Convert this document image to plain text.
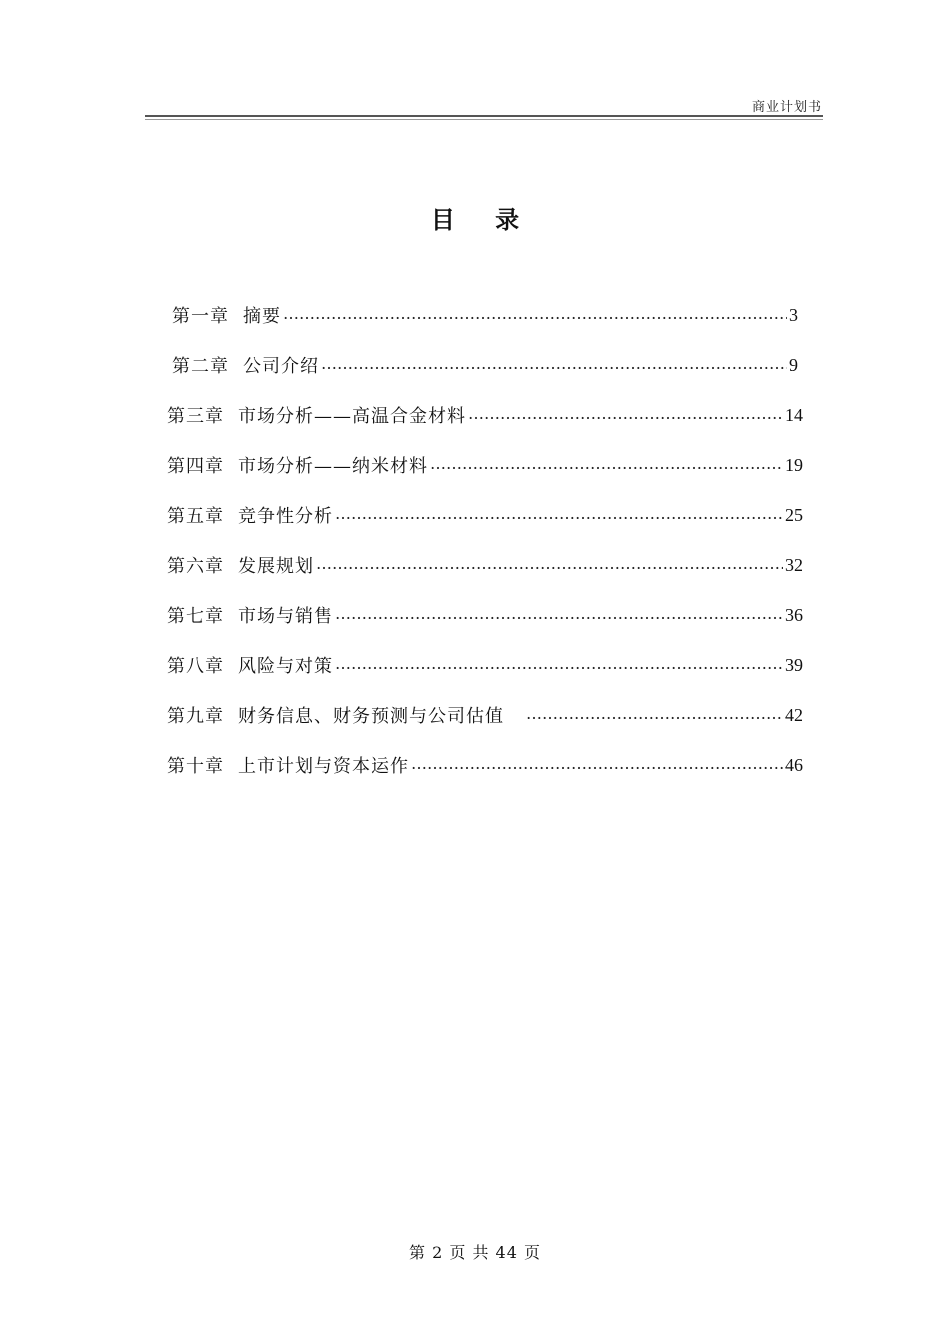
商业计划书
目 录
第一章 摘要 ……………………………………………………………………………………………………………………………………	3
第二章 公司介绍 ……………………………………………………………………………………………………………………………………	9
第三章 市场分析——高温合金材料 ……………………………………………………………………………………………………………………………………	14
第四章 市场分析——纳米材料 ……………………………………………………………………………………………………………………………………	19
第五章 竞争性分析 ……………………………………………………………………………………………………………………………………	25
第六章 发展规划 ……………………………………………………………………………………………………………………………………	32
第七章 市场与销售 ……………………………………………………………………………………………………………………………………	36
第八章 风险与对策 ……………………………………………………………………………………………………………………………………	39
第九章 财务信息、财务预测与公司估值 ……………………………………………………………………………………………………………………………………	42
第十章 上市计划与资本运作 ……………………………………………………………………………………………………………………………………	46
第 2 页 共 44 页
